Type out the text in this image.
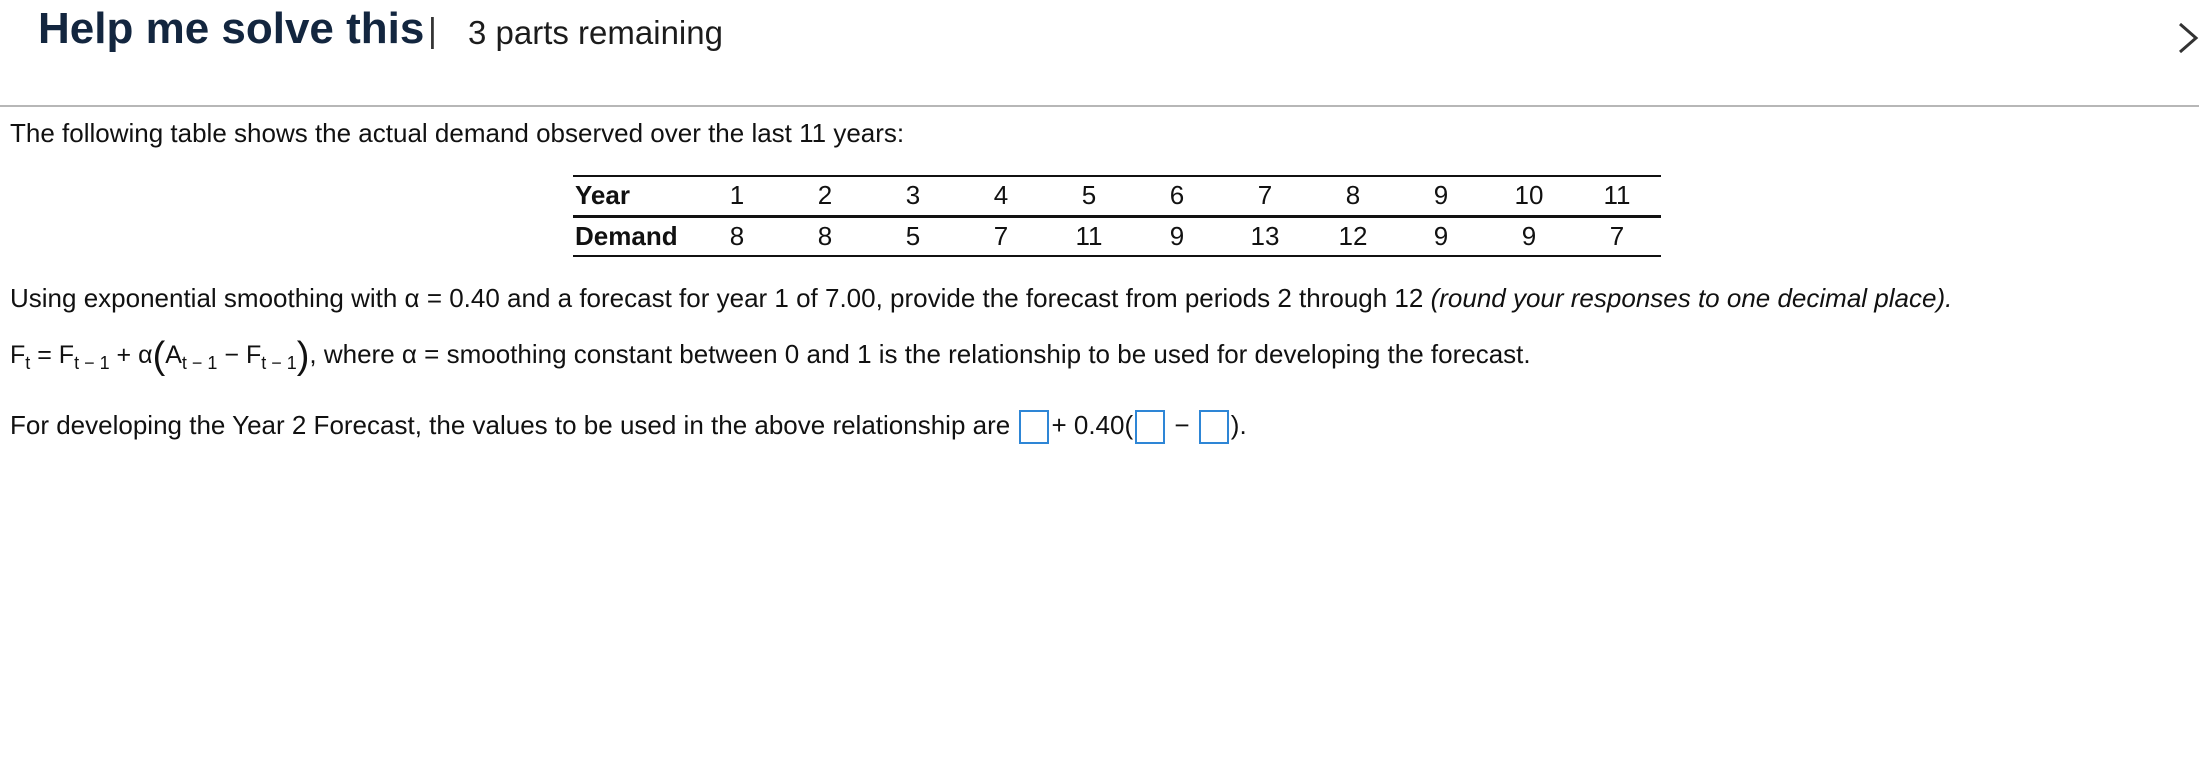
Help me solve this | 3 parts remaining
The following table shows the actual demand observed over the last 11 years:
Year	1	2	3	4	5	6	7	8	9	10	11
Demand	8	8	5	7	11	9	13	12	9	9	7
Using exponential smoothing with α = 0.40 and a forecast for year 1 of 7.00, provide the forecast from periods 2 through 12 (round your responses to one decimal place).
$F_t = F_{t - 1} + \alpha(A_{t - 1} - F_{t - 1})$, where α = smoothing constant between 0 and 1 is the relationship to be used for developing the forecast.
For developing the Year 2 Forecast, the values to be used in the above relationship are + 0.40( − ).
